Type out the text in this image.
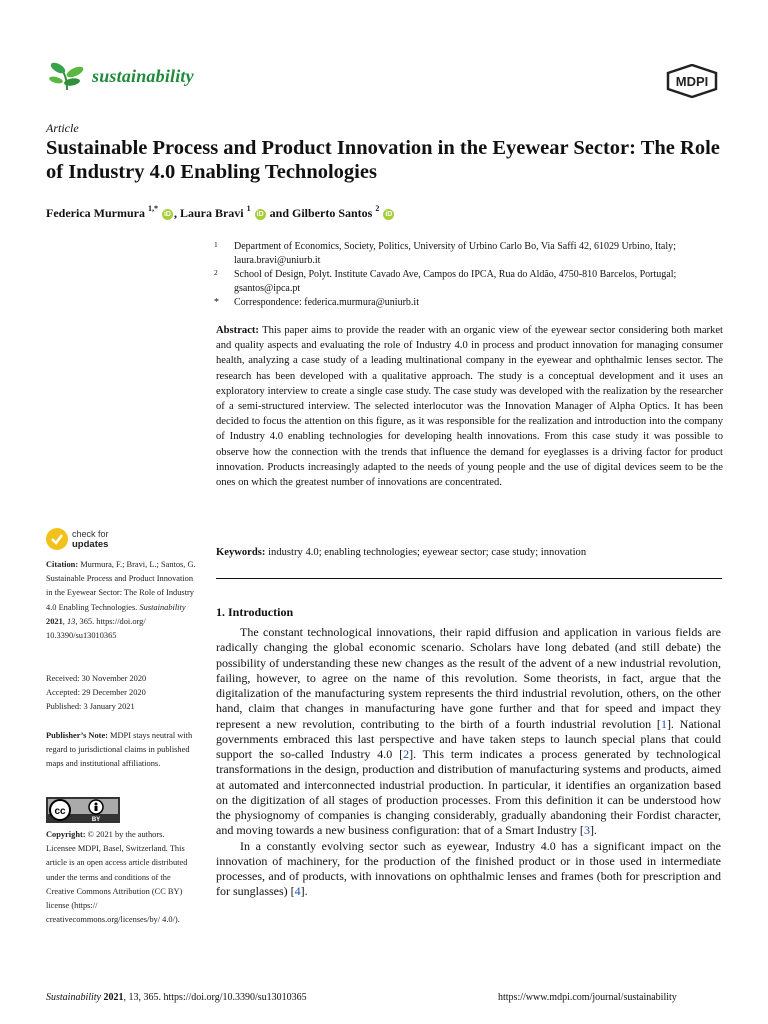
sustainability	MDPI
Article
Sustainable Process and Product Innovation in the Eyewear Sector: The Role of Industry 4.0 Enabling Technologies
Federica Murmura $^{1,*}$ iD , Laura Bravi $^1$ iD and Gilberto Santos $^2$ iD
1 Department of Economics, Society, Politics, University of Urbino Carlo Bo, Via Saffi 42, 61029 Urbino, Italy; laura.bravi@uniurb.it
2 School of Design, Polyt. Institute Cavado Ave, Campos do IPCA, Rua do Aldão, 4750-810 Barcelos, Portugal; gsantos@ipca.pt
* Correspondence: federica.murmura@uniurb.it
Abstract: This paper aims to provide the reader with an organic view of the eyewear sector considering both market and quality aspects and evaluating the role of Industry 4.0 in process and product innovation for managing consumer health, analyzing a case study of a leading multinational company in the eyewear and ophthalmic lenses sector. The research has been developed with a qualitative approach. The study is a conceptual development and it uses an exploratory interview to create a single case study. The case study was developed with the realization by the researcher of a semi-structured interview. The selected interlocutor was the Innovation Manager of Alpha Optics. It has been decided to focus the attention on this figure, as it was responsible for the realization and introduction into the company of Industry 4.0 enabling technologies for developing health innovations. From this case study it was possible to observe how the connection with the trends that influence the demand for eyeglasses is a driving factor for product innovation. Products increasingly adapted to the needs of young people and the use of digital devices seem to be the ones on which the greatest number of innovations are concentrated.
Keywords: industry 4.0; enabling technologies; eyewear sector; case study; innovation
check for
updates
Citation: Murmura, F.; Bravi, L.; Santos, G. Sustainable Process and Product Innovation in the Eyewear Sector: The Role of Industry 4.0 Enabling Technologies. Sustainability 2021, 13, 365. https://doi.org/ 10.3390/su13010365
Received: 30 November 2020
Accepted: 29 December 2020
Published: 3 January 2021
Publisher’s Note: MDPI stays neutral with regard to jurisdictional claims in published maps and institutional affiliations.
cc
BY
Copyright: © 2021 by the authors. Licensee MDPI, Basel, Switzerland. This article is an open access article distributed under the terms and conditions of the Creative Commons Attribution (CC BY) license (https:// creativecommons.org/licenses/by/ 4.0/).
1. Introduction

The constant technological innovations, their rapid diffusion and application in various fields are radically changing the global economic scenario. Scholars have long debated (and still debate) the possibility of understanding these new changes as the result of the advent of a new industrial revolution, failing, however, to agree on the name of this revolution. Some theorists, in fact, argue that the digitalization of the manufacturing system represents the third industrial revolution, others, on the other hand, claim that changes in manufacturing have gone further and that for speed and impact they represent a new revolution, contributing to the birth of a fourth industrial revolution [1]. National governments embraced this last perspective and have taken steps to launch special plans that could support the so-called Industry 4.0 [2]. This term indicates a process generated by technological transformations in the design, production and distribution of manufacturing systems and products, aimed at automated and interconnected industrial production. In particular, it identifies an organization based on the digitization of all stages of production processes. From this definition it can be understood how the physiognomy of companies is changing considerably, gradually abandoning their Fordist character, and moving towards a new business configuration: that of a Smart Industry [3].

In a constantly evolving sector such as eyewear, Industry 4.0 has a significant impact on the innovation of machinery, for the production of the finished product or in those used in intermediate processes, and of products, with innovations on ophthalmic lenses and frames (both for prescription and for sunglasses) [4].

Sustainability 2021, 13, 365. https://doi.org/10.3390/su13010365	https://www.mdpi.com/journal/sustainability
